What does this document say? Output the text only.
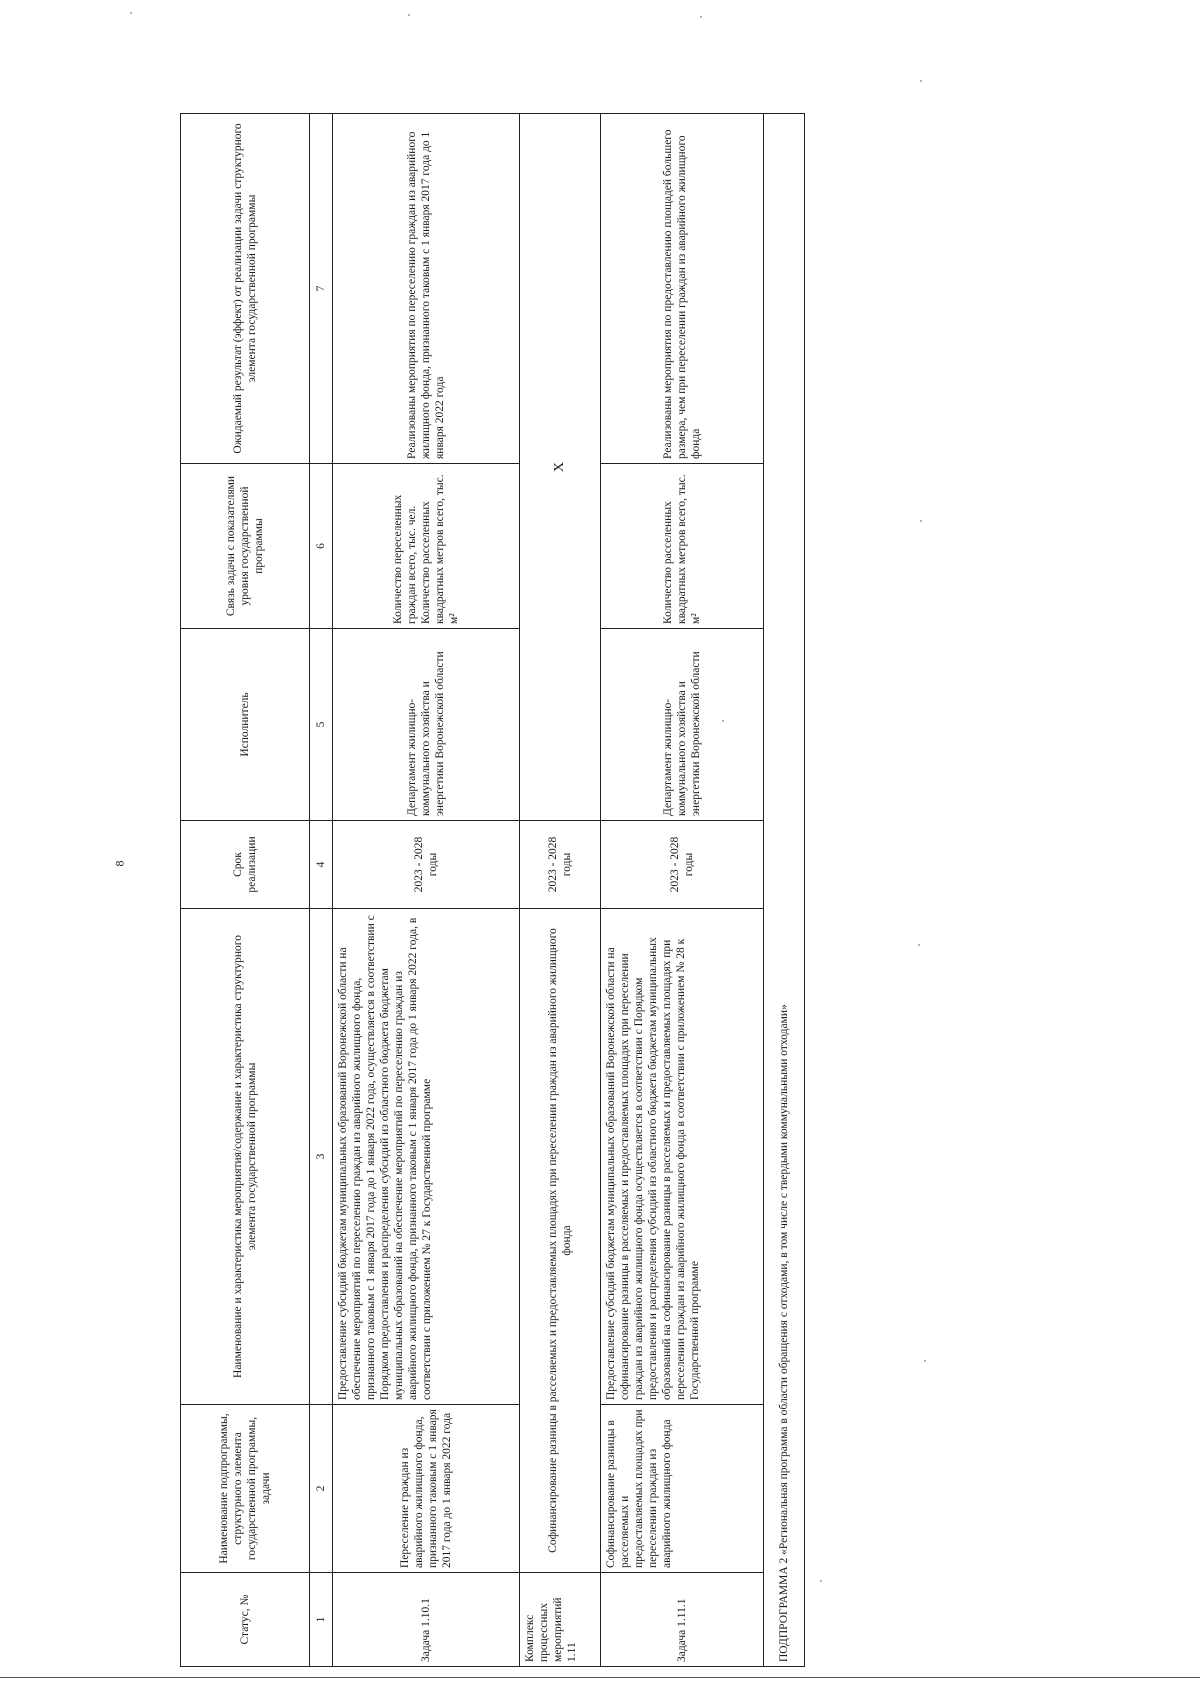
8
Статус, №	Наименование подпрограммы, структурного элемента государственной программы, задачи	Наименование и характеристика мероприятия/содержание и характеристика структурного элемента государственной программы	Срок реализации	Исполнитель	Связь задачи с показателями уровня государственной программы	Ожидаемый результат (эффект) от реализации задачи структурного элемента государственной программы
1	2	3	4	5	6	7
Задача 1.10.1	Переселение граждан из аварийного жилищного фонда, признанного таковым с 1 января 2017 года до 1 января 2022 года	Предоставление субсидий бюджетам муниципальных образований Воронежской области на обеспечение мероприятий по переселению граждан из аварийного жилищного фонда, признанного таковым с 1 января 2017 года до 1 января 2022 года, осуществляется в соответствии с Порядком предоставления и распределения субсидий из областного бюджета бюджетам муниципальных образований на обеспечение мероприятий по переселению граждан из аварийного жилищного фонда, признанного таковым с 1 января 2017 года до 1 января 2022 года, в соответствии с приложением № 27 к Государственной программе	2023 - 2028 годы	Департамент жилищно-коммунального хозяйства и энергетики Воронежской области	Количество переселенных граждан всего, тыс. чел. Количество расселенных квадратных метров всего, тыс. м²	Реализованы мероприятия по переселению граждан из аварийного жилищного фонда, признанного таковым с 1 января 2017 года до 1 января 2022 года
Комплекс процессных мероприятий 1.11	Софинансирование разницы в расселяемых и предоставляемых площадях при переселении граждан из аварийного жилищного фонда		2023 - 2028 годы	Х		
Задача 1.11.1	Софинансирование разницы в расселяемых и предоставляемых площадях при переселении граждан из аварийного жилищного фонда	Предоставление субсидий бюджетам муниципальных образований Воронежской области на софинансирование разницы в расселяемых и предоставляемых площадях при переселении граждан из аварийного жилищного фонда осуществляется в соответствии с Порядком предоставления и распределения субсидий из областного бюджета бюджетам муниципальных образований на софинансирование разницы в расселяемых и предоставляемых площадях при переселении граждан из аварийного жилищного фонда в соответствии с приложением № 28 к Государственной программе	2023 - 2028 годы	Департамент жилищно-коммунального хозяйства и энергетики Воронежской области	Количество расселенных квадратных метров всего, тыс. м²	Реализованы мероприятия по предоставлению площадей большего размера, чем при переселении граждан из аварийного жилищного фонда
ПОДПРОГРАММА 2 «Региональная программа в области обращения с отходами, в том числе с твердыми коммунальными отходами»						
